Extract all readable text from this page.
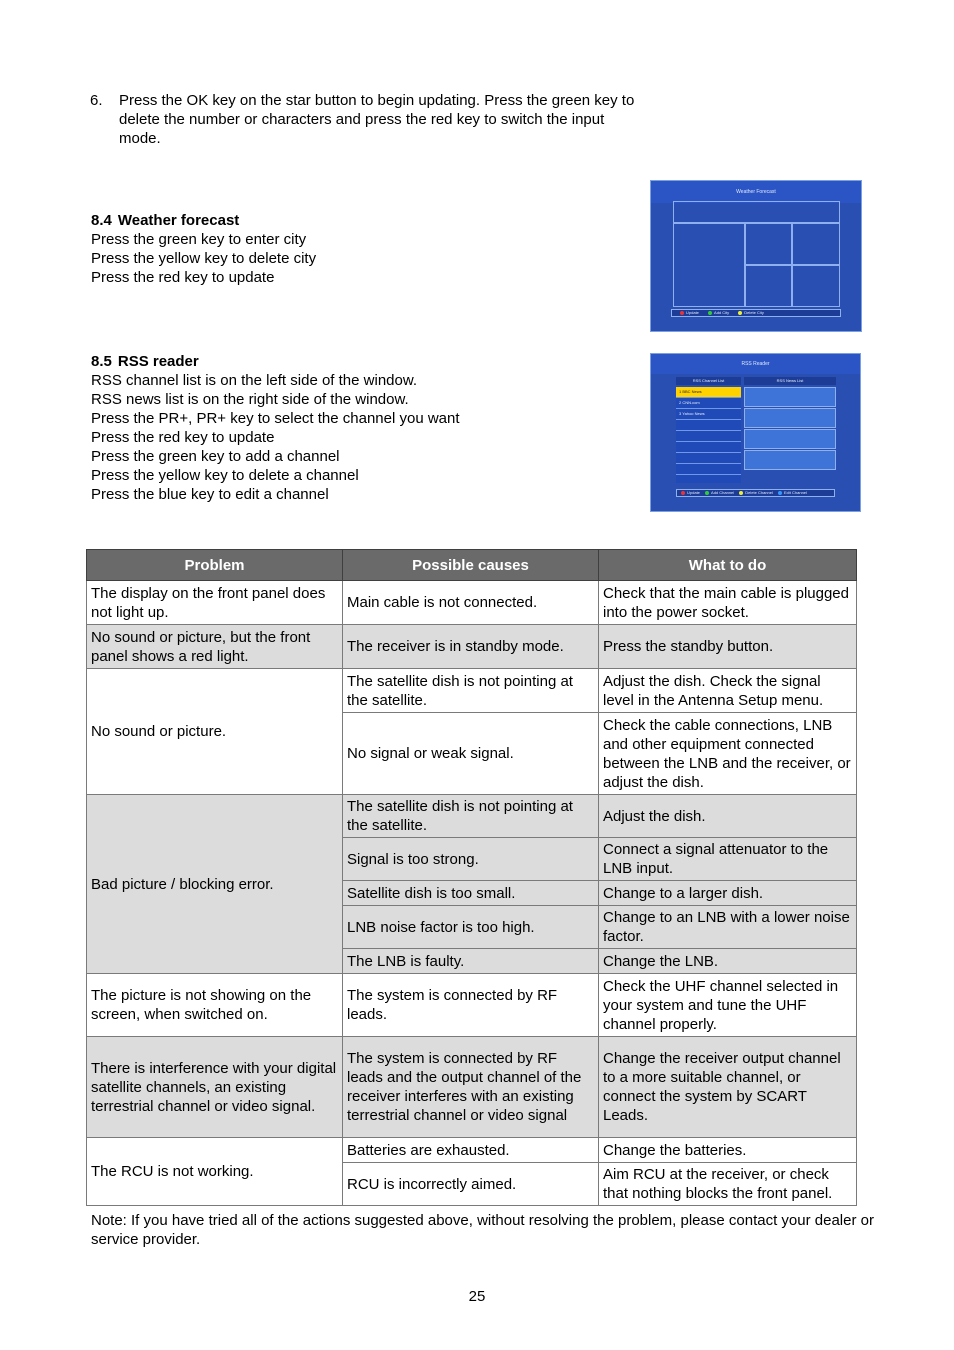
6. Press the OK key on the star button to begin updating. Press the green key to delete the number or characters and press the red key to switch the input mode.
8.4 Weather forecast
Press the green key to enter city
Press the yellow key to delete city
Press the red key to update
Weather Forecast
Update	Add City	Delete City
8.5 RSS reader
RSS channel list is on the left side of the window.
RSS news list is on the right side of the window.
Press the PR+, PR+ key to select the channel you want
Press the red key to update
Press the green key to add a channel
Press the yellow key to delete a channel
Press the blue key to edit a channel
RSS Reader
RSS Channel List	RSS News List
1 BBC News
2 CNN.com
3 Yahoo News
Update	Add Channel	Delete Channel	Edit Channel
Problem	Possible causes	What to do
The display on the front panel does not light up.	Main cable is not connected.	Check that the main cable is plugged into the power socket.
No sound or picture, but the front panel shows a red light.	The receiver is in standby mode.	Press the standby button.
No sound or picture.	The satellite dish is not pointing at the satellite.	Adjust the dish. Check the signal level in the Antenna Setup menu.
	No signal or weak signal.	Check the cable connections, LNB and other equipment connected between the LNB and the receiver, or adjust the dish.
Bad picture / blocking error.	The satellite dish is not pointing at the satellite.	Adjust the dish.
	Signal is too strong.	Connect a signal attenuator to the LNB input.
	Satellite dish is too small.	Change to a larger dish.
	LNB noise factor is too high.	Change to an LNB with a lower noise factor.
	The LNB is faulty.	Change the LNB.
The picture is not showing on the screen, when switched on.	The system is connected by RF leads.	Check the UHF channel selected in your system and tune the UHF channel properly.
There is interference with your digital satellite channels, an existing terrestrial channel or video signal.	The system is connected by RF leads and the output channel of the receiver interferes with an existing terrestrial channel or video signal	Change the receiver output channel to a more suitable channel, or connect the system by SCART Leads.
The RCU is not working.	Batteries are exhausted.	Change the batteries.
	RCU is incorrectly aimed.	Aim RCU at the receiver, or check that nothing blocks the front panel.
Note: If you have tried all of the actions suggested above, without resolving the problem, please contact your dealer or service provider.
25
